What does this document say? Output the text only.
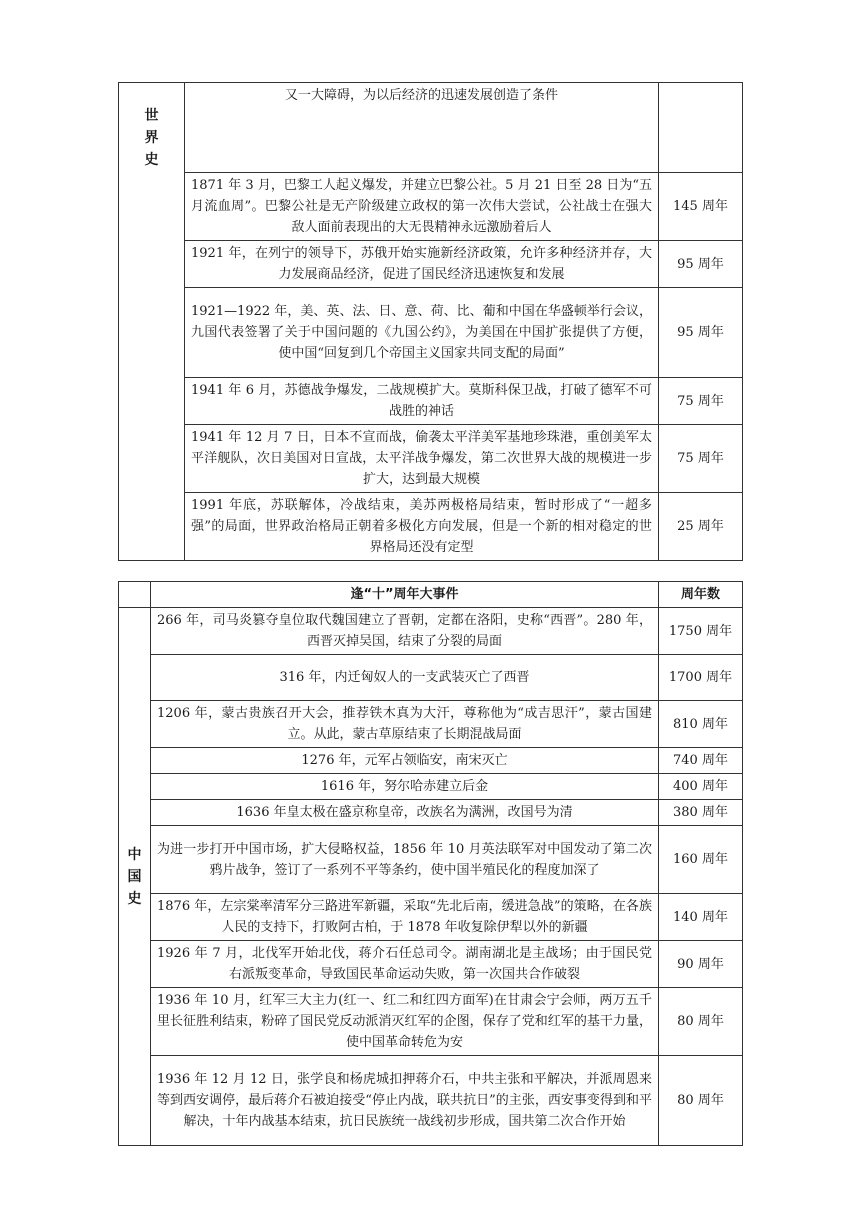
世
界
史	又一大障碍，为以后经济的迅速发展创造了条件	
	1871 年 3 月，巴黎工人起义爆发，并建立巴黎公社。5 月 21 日至 28 日为“五月流血周”。巴黎公社是无产阶级建立政权的第一次伟大尝试，公社战士在强大敌人面前表现出的大无畏精神永远激励着后人	145 周年
	1921 年，在列宁的领导下，苏俄开始实施新经济政策，允许多种经济并存，大力发展商品经济，促进了国民经济迅速恢复和发展	95 周年
	1921—1922 年，美、英、法、日、意、荷、比、葡和中国在华盛顿举行会议，九国代表签署了关于中国问题的《九国公约》，为美国在中国扩张提供了方便，使中国“回复到几个帝国主义国家共同支配的局面”	95 周年
	1941 年 6 月，苏德战争爆发，二战规模扩大。莫斯科保卫战，打破了德军不可战胜的神话	75 周年
	1941 年 12 月 7 日，日本不宣而战，偷袭太平洋美军基地珍珠港，重创美军太平洋舰队，次日美国对日宣战，太平洋战争爆发，第二次世界大战的规模进一步扩大，达到最大规模	75 周年
	1991 年底，苏联解体，冷战结束，美苏两极格局结束，暂时形成了“一超多强”的局面，世界政治格局正朝着多极化方向发展，但是一个新的相对稳定的世界格局还没有定型	25 周年
	逢“十”周年大事件	周年数

中
国
史	266 年，司马炎篡夺皇位取代魏国建立了晋朝，定都在洛阳，史称“西晋”。280 年，西晋灭掉吴国，结束了分裂的局面	1750 周年
	316 年，内迁匈奴人的一支武装灭亡了西晋	1700 周年
	1206 年，蒙古贵族召开大会，推荐铁木真为大汗，尊称他为“成吉思汗”，蒙古国建立。从此，蒙古草原结束了长期混战局面	810 周年
	1276 年，元军占领临安，南宋灭亡	740 周年
	1616 年，努尔哈赤建立后金	400 周年
	1636 年皇太极在盛京称皇帝，改族名为满洲，改国号为清	380 周年
	为进一步打开中国市场，扩大侵略权益，1856 年 10 月英法联军对中国发动了第二次鸦片战争，签订了一系列不平等条约，使中国半殖民化的程度加深了	160 周年
	1876 年，左宗棠率清军分三路进军新疆，采取“先北后南，缓进急战”的策略，在各族人民的支持下，打败阿古柏，于 1878 年收复除伊犁以外的新疆	140 周年
	1926 年 7 月，北伐军开始北伐，蒋介石任总司令。湖南湖北是主战场；由于国民党右派叛变革命，导致国民革命运动失败，第一次国共合作破裂	90 周年
	1936 年 10 月，红军三大主力(红一、红二和红四方面军)在甘肃会宁会师，两万五千里长征胜利结束，粉碎了国民党反动派消灭红军的企图，保存了党和红军的基干力量，使中国革命转危为安	80 周年
	1936 年 12 月 12 日，张学良和杨虎城扣押蒋介石，中共主张和平解决，并派周恩来等到西安调停，最后蒋介石被迫接受“停止内战，联共抗日”的主张，西安事变得到和平解决，十年内战基本结束，抗日民族统一战线初步形成，国共第二次合作开始	80 周年
